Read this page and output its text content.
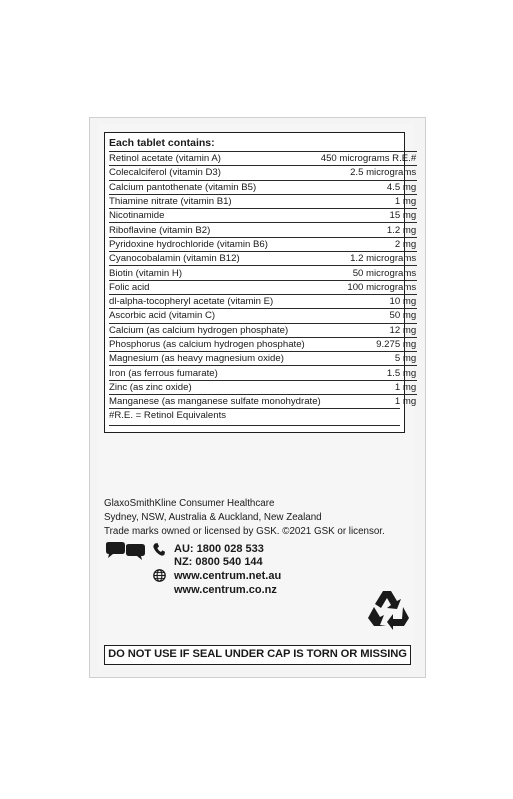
Each tablet contains:
Retinol acetate (vitamin A)	450 micrograms R.E.#
Colecalciferol (vitamin D3)	2.5 micrograms
Calcium pantothenate (vitamin B5)	4.5 mg
Thiamine nitrate (vitamin B1)	1 mg
Nicotinamide	15 mg
Riboflavine (vitamin B2)	1.2 mg
Pyridoxine hydrochloride (vitamin B6)	2 mg
Cyanocobalamin (vitamin B12)	1.2 micrograms
Biotin (vitamin H)	50 micrograms
Folic acid	100 micrograms
dl-alpha-tocopheryl acetate (vitamin E)	10 mg
Ascorbic acid (vitamin C)	50 mg
Calcium (as calcium hydrogen phosphate)	12 mg
Phosphorus (as calcium hydrogen phosphate)	9.275 mg
Magnesium (as heavy magnesium oxide)	5 mg
Iron (as ferrous fumarate)	1.5 mg
Zinc (as zinc oxide)	1 mg
Manganese (as manganese sulfate monohydrate)	1 mg
#R.E. = Retinol Equivalents
GlaxoSmithKline Consumer Healthcare
Sydney, NSW, Australia & Auckland, New Zealand
Trade marks owned or licensed by GSK. ©2021 GSK or licensor.
AU: 1800 028 533
NZ: 0800 540 144
www.centrum.net.au
www.centrum.co.nz
DO NOT USE IF SEAL UNDER CAP IS TORN OR MISSING
